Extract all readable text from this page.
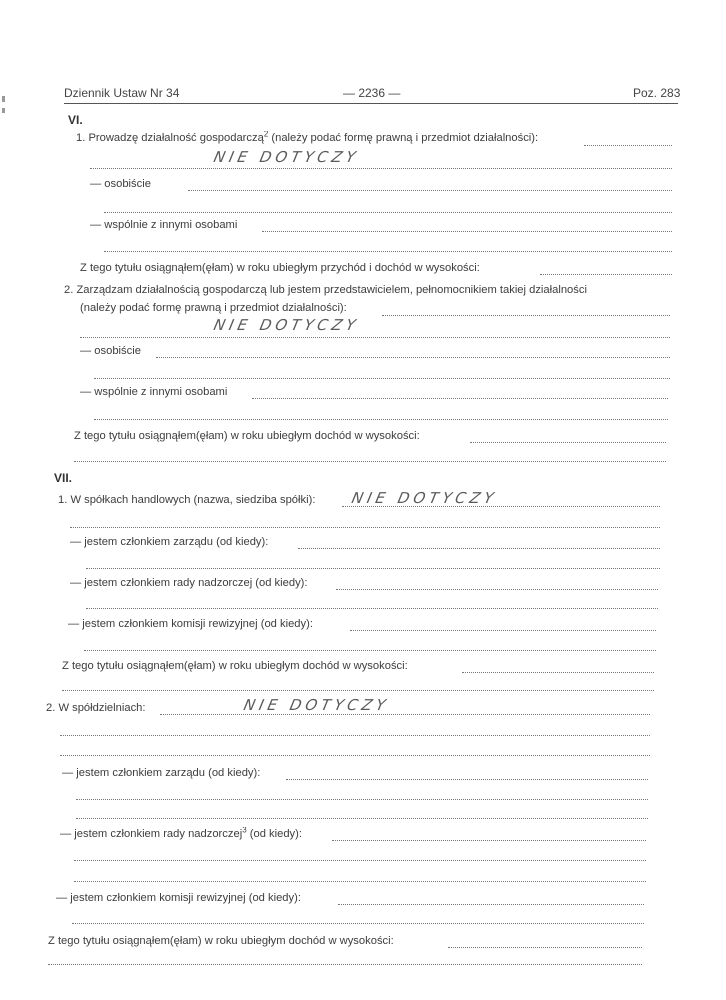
Dziennik Ustaw Nr 34	— 2236 —	Poz. 283
VI.
1. Prowadzę działalność gospodarczą$^2$ (należy podać formę prawną i przedmiot działalności):
NIE DOTYCZY
— osobiście
— wspólnie z innymi osobami
Z tego tytułu osiągnąłem(ęłam) w roku ubiegłym przychód i dochód w wysokości:
2. Zarządzam działalnością gospodarczą lub jestem przedstawicielem, pełnomocnikiem takiej działalności
(należy podać formę prawną i przedmiot działalności):
NIE DOTYCZY
— osobiście
— wspólnie z innymi osobami
Z tego tytułu osiągnąłem(ęłam) w roku ubiegłym dochód w wysokości:
VII.
1. W spółkach handlowych (nazwa, siedziba spółki): NIE DOTYCZY
— jestem członkiem zarządu (od kiedy):
— jestem członkiem rady nadzorczej (od kiedy):
— jestem członkiem komisji rewizyjnej (od kiedy):
Z tego tytułu osiągnąłem(ęłam) w roku ubiegłym dochód w wysokości:
2. W spółdzielniach:	NIE DOTYCZY
— jestem członkiem zarządu (od kiedy):
— jestem członkiem rady nadzorczej$^3$ (od kiedy):
— jestem członkiem komisji rewizyjnej (od kiedy):
Z tego tytułu osiągnąłem(ęłam) w roku ubiegłym dochód w wysokości:
